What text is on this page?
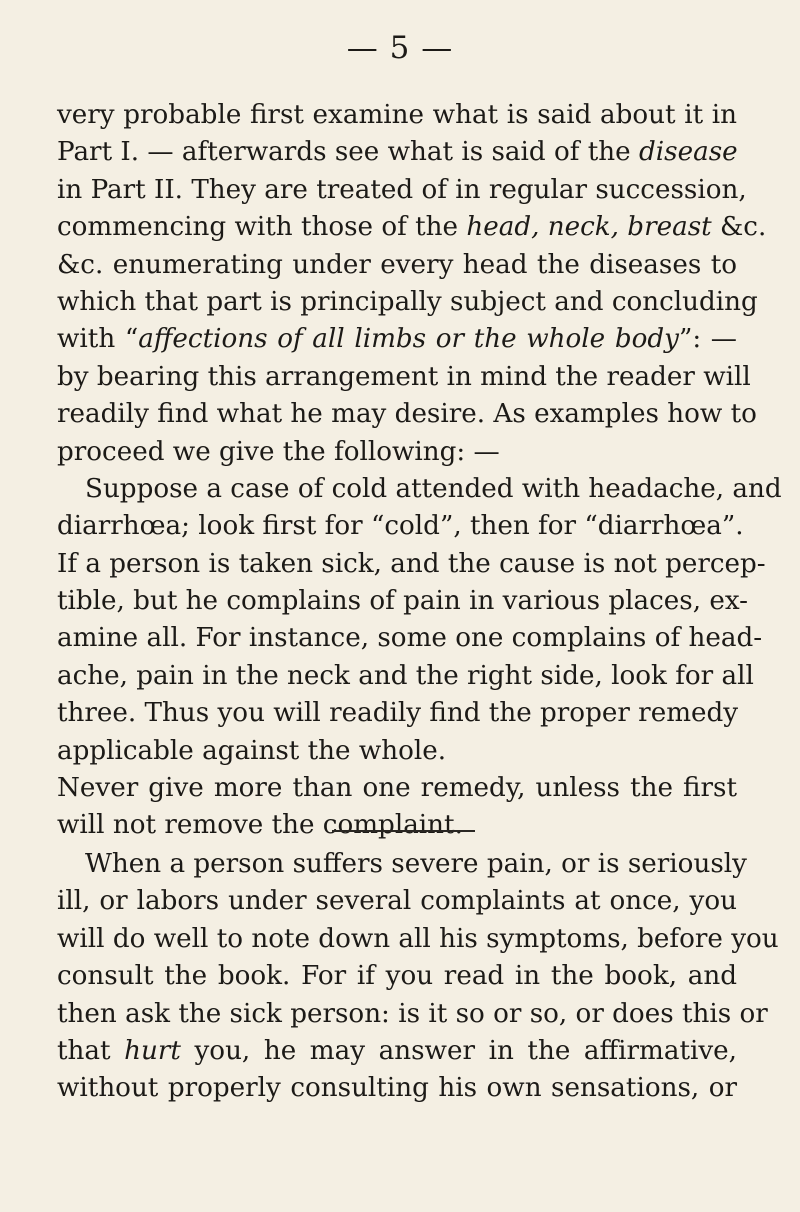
— 5 —
very probable first examine what is said about it in
Part I. — afterwards see what is said of the disease
in Part II. They are treated of in regular succession,
commencing with those of the head, neck, breast &c.
&c. enumerating under every head the diseases to
which that part is principally subject and concluding
with “affections of all limbs or the whole body”: —
by bearing this arrangement in mind the reader will
readily find what he may desire. As examples how to
proceed we give the following: —
Suppose a case of cold attended with headache, and
diarrhœa; look first for “cold”, then for “diarrhœa”.
If a person is taken sick, and the cause is not percep-
tible, but he complains of pain in various places, ex-
amine all. For instance, some one complains of head-
ache, pain in the neck and the right side, look for all
three. Thus you will readily find the proper remedy
applicable against the whole.
Never give more than one remedy, unless the first
will not remove the complaint.
When a person suffers severe pain, or is seriously
ill, or labors under several complaints at once, you
will do well to note down all his symptoms, before you
consult the book. For if you read in the book, and
then ask the sick person: is it so or so, or does this or
that hurt you, he may answer in the affirmative,
without properly consulting his own sensations, or
